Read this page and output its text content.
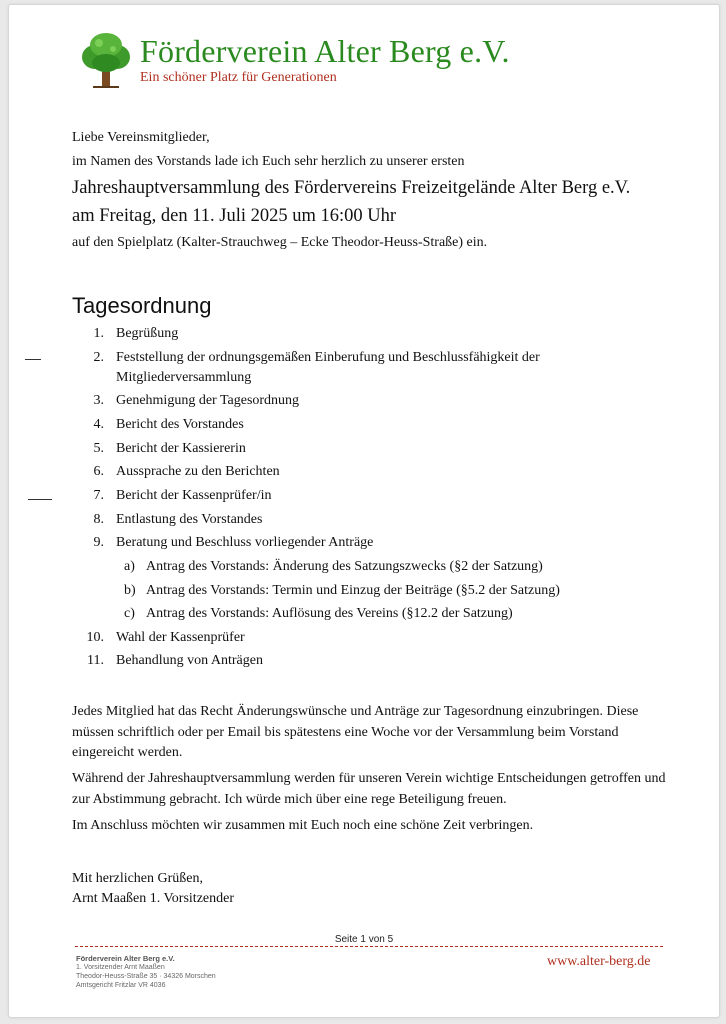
Förderverein Alter Berg e.V.
Ein schöner Platz für Generationen
Liebe Vereinsmitglieder,
im Namen des Vorstands lade ich Euch sehr herzlich zu unserer ersten
Jahreshauptversammlung des Fördervereins Freizeitgelände Alter Berg e.V.
am Freitag, den 11. Juli 2025 um 16:00 Uhr
auf den Spielplatz (Kalter-Strauchweg – Ecke Theodor-Heuss-Straße) ein.
Tagesordnung
1. Begrüßung
2. Feststellung der ordnungsgemäßen Einberufung und Beschlussfähigkeit der
Mitgliederversammlung
3. Genehmigung der Tagesordnung
4. Bericht des Vorstandes
5. Bericht der Kassiererin
6. Aussprache zu den Berichten
7. Bericht der Kassenprüfer/in
8. Entlastung des Vorstandes
9. Beratung und Beschluss vorliegender Anträge
a) Antrag des Vorstands: Änderung des Satzungszwecks (§2 der Satzung)
b) Antrag des Vorstands: Termin und Einzug der Beiträge (§5.2 der Satzung)
c) Antrag des Vorstands: Auflösung des Vereins (§12.2 der Satzung)
10. Wahl der Kassenprüfer
11. Behandlung von Anträgen
Jedes Mitglied hat das Recht Änderungswünsche und Anträge zur Tagesordnung einzubringen. Diese müssen schriftlich oder per Email bis spätestens eine Woche vor der Versammlung beim Vorstand eingereicht werden.
Während der Jahreshauptversammlung werden für unseren Verein wichtige Entscheidungen getroffen und zur Abstimmung gebracht. Ich würde mich über eine rege Beteiligung freuen.
Im Anschluss möchten wir zusammen mit Euch noch eine schöne Zeit verbringen.
Mit herzlichen Grüßen,
Arnt Maaßen 1. Vorsitzender
Seite 1 von 5
Förderverein Alter Berg e.V.
1. Vorsitzender Arnt Maaßen
Theodor-Heuss-Straße 35 · 34326 Morschen
Amtsgericht Fritzlar VR 4036
www.alter-berg.de
